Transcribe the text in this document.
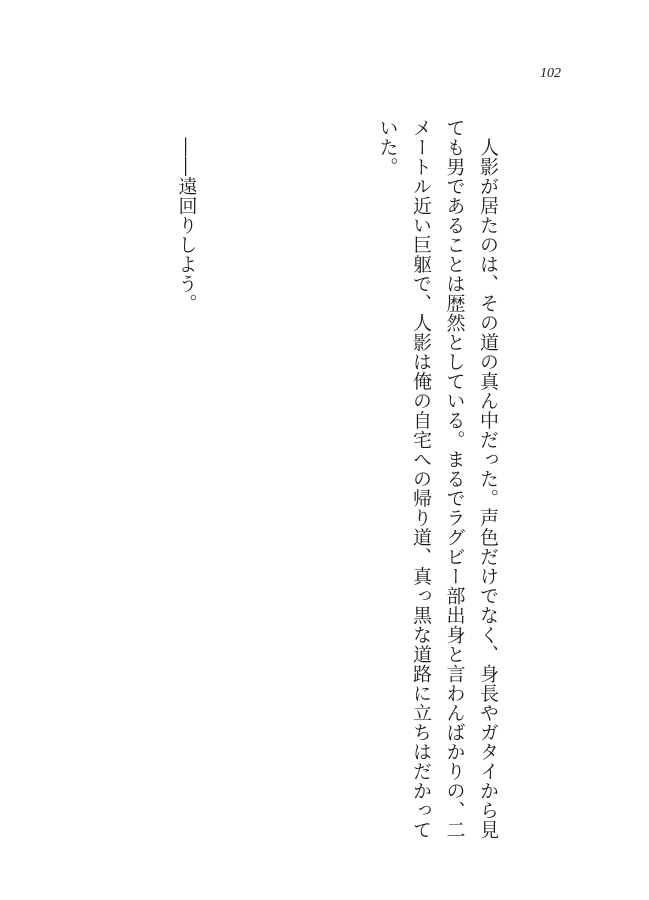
102

　人影が居たのは、その道の真ん中だった。声色だけでなく、身長やガタイから見ても男であることは歴然としている。まるでラグビー部出身と言わんばかりの、二メートル近い巨躯で、人影は俺の自宅への帰り道、真っ黒な道路に立ちはだかっていた。

　――遠回りしよう。
